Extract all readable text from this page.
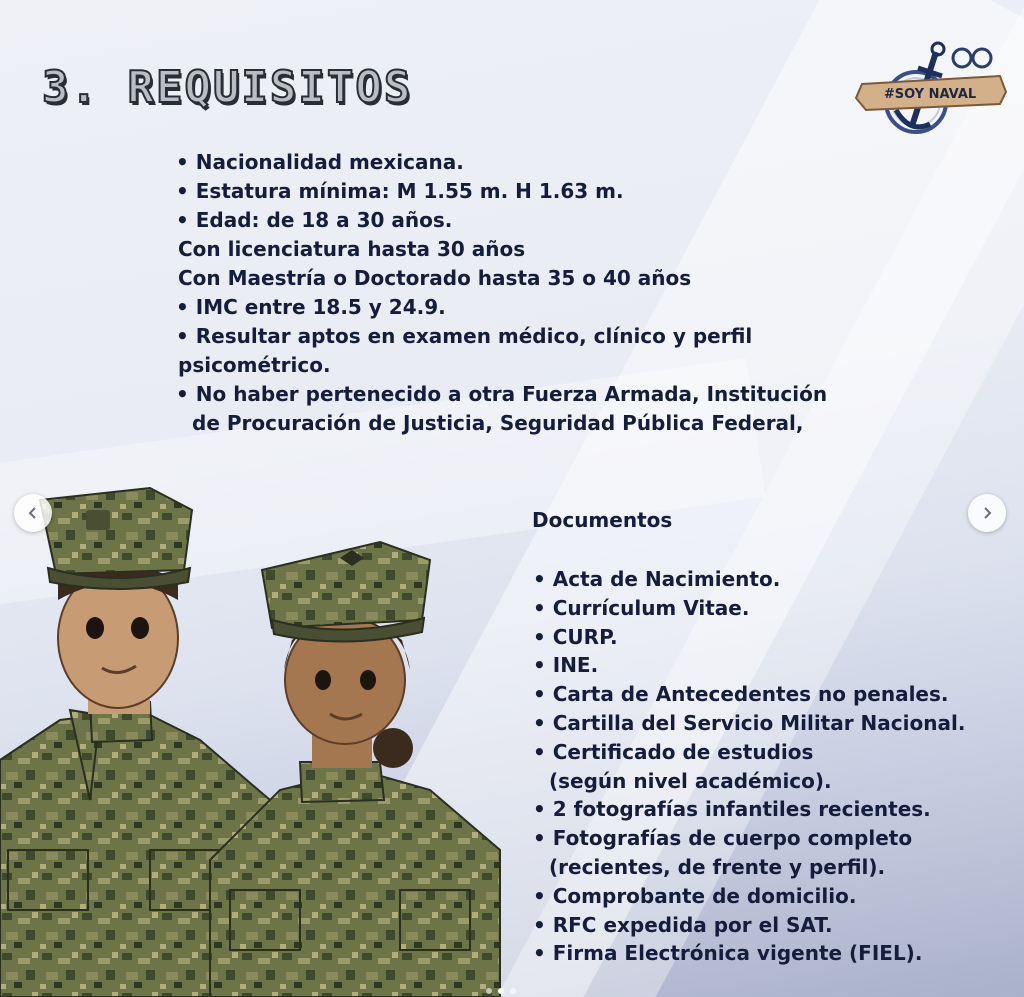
3. REQUISITOS	#SOY NAVAL
• Nacionalidad mexicana.
• Estatura mínima: M 1.55 m. H 1.63 m.
• Edad: de 18 a 30 años.
Con licenciatura hasta 30 años
Con Maestría o Doctorado hasta 35 o 40 años
• IMC entre 18.5 y 24.9.
• Resultar aptos en examen médico, clínico y perfil
psicométrico.
• No haber pertenecido a otra Fuerza Armada, Institución
de Procuración de Justicia, Seguridad Pública Federal,
Documentos
• Acta de Nacimiento.
• Currículum Vitae.
• CURP.
• INE.
• Carta de Antecedentes no penales.
• Cartilla del Servicio Militar Nacional.
• Certificado de estudios
(según nivel académico).
• 2 fotografías infantiles recientes.
• Fotografías de cuerpo completo
(recientes, de frente y perfil).
• Comprobante de domicilio.
• RFC expedida por el SAT.
• Firma Electrónica vigente (FIEL).
